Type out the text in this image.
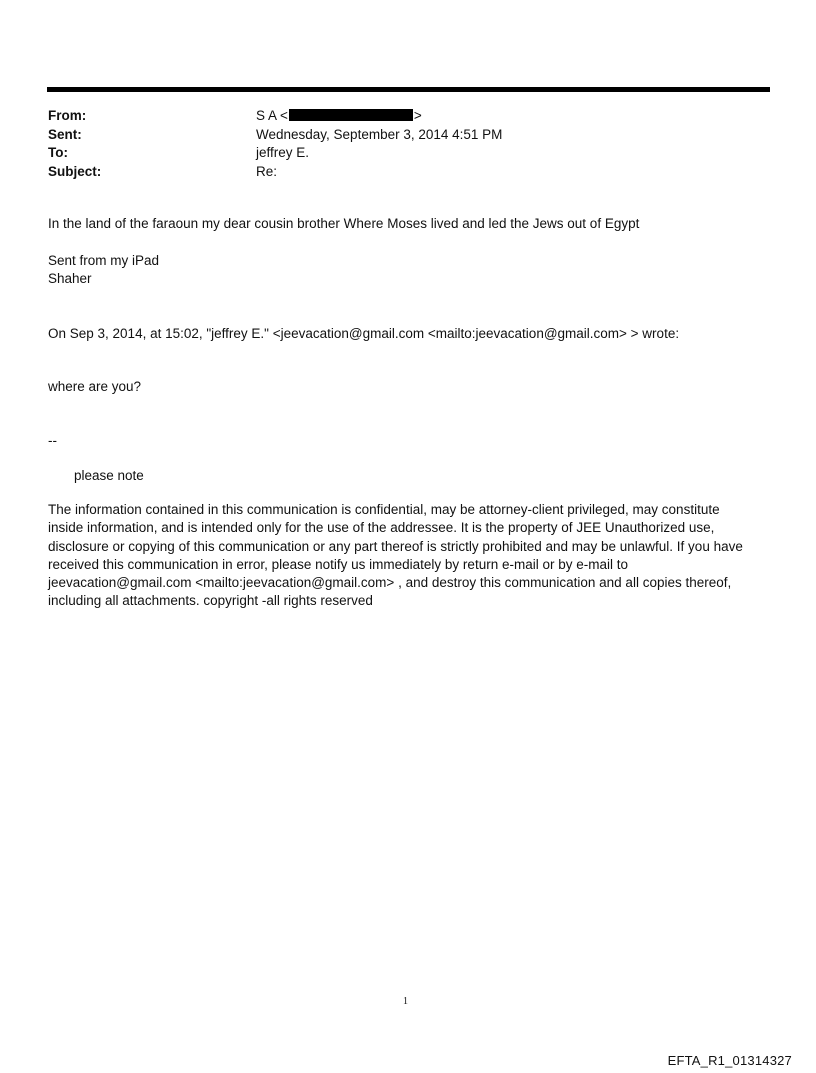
From:	S A <	>
Sent:	Wednesday, September 3, 2014 4:51 PM
To:	jeffrey E.
Subject:	Re:

In the land of the faraoun my dear cousin brother Where Moses lived and led the Jews out of Egypt

Sent from my iPad

Shaher

On Sep 3, 2014, at 15:02, "jeffrey E." <jeevacation@gmail.com <mailto:jeevacation@gmail.com> > wrote:

where are you?

--

please note

The information contained in this communication is confidential, may be attorney-client privileged, may constitute inside information, and is intended only for the use of the addressee. It is the property of JEE Unauthorized use, disclosure or copying of this communication or any part thereof is strictly prohibited and may be unlawful. If you have received this communication in error, please notify us immediately by return e-mail or by e-mail to jeevacation@gmail.com <mailto:jeevacation@gmail.com> , and destroy this communication and all copies thereof, including all attachments. copyright -all rights reserved

1
EFTA_R1_01314327
